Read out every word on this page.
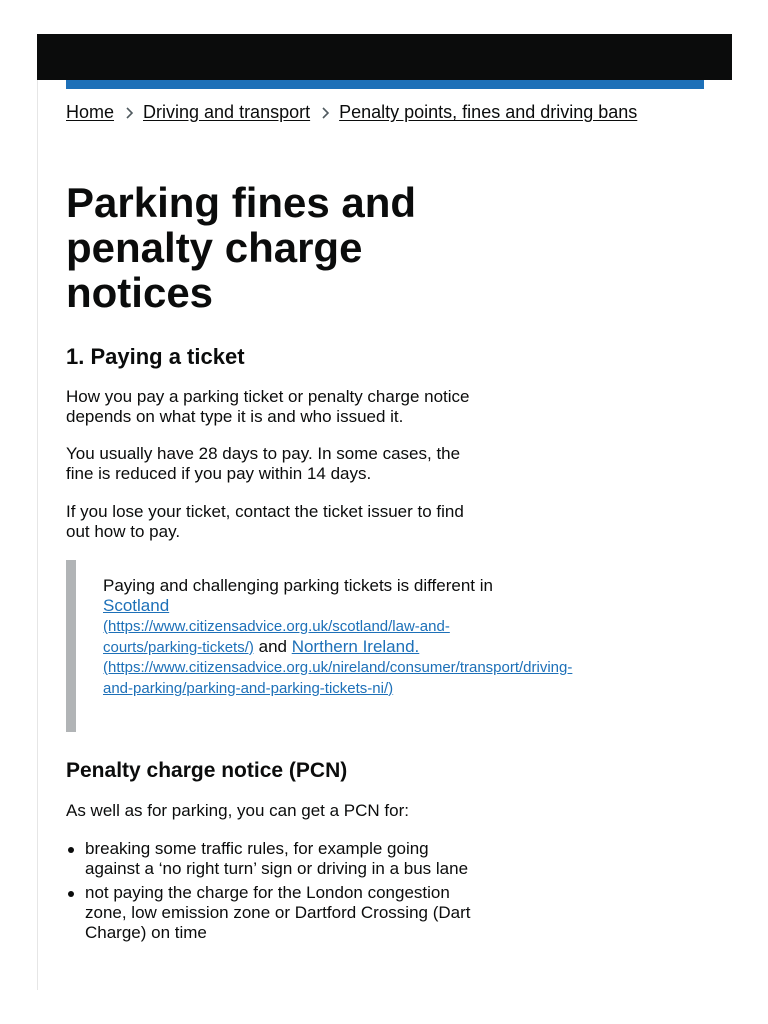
Home Driving and transport Penalty points, fines and driving bans
Parking fines and penalty charge notices
1. Paying a ticket

How you pay a parking ticket or penalty charge notice depends on what type it is and who issued it.

You usually have 28 days to pay. In some cases, the fine is reduced if you pay within 14 days.

If you lose your ticket, contact the ticket issuer to find out how to pay.

Paying and challenging parking tickets is different in Scotland
(https://www.citizensadvice.org.uk/scotland/law-and-courts/parking-tickets/) and Northern Ireland.
(https://www.citizensadvice.org.uk/nireland/consumer/transport/driving-and-parking/parking-and-parking-tickets-ni/)
Penalty charge notice (PCN)

As well as for parking, you can get a PCN for:

breaking some traffic rules, for example going against a ‘no right turn’ sign or driving in a bus lane
not paying the charge for the London congestion zone, low emission zone or Dartford Crossing (Dart Charge) on time
